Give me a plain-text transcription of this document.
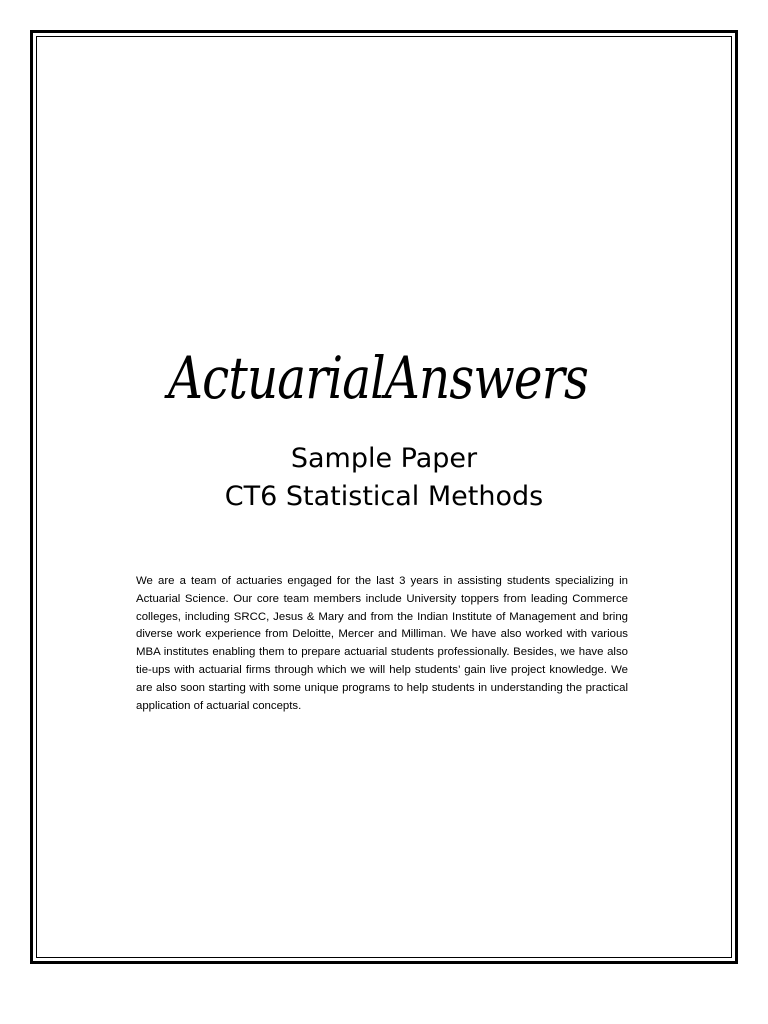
ActuarialAnswers
Sample Paper
CT6 Statistical Methods

We are a team of actuaries engaged for the last 3 years in assisting students specializing in Actuarial Science. Our core team members include University toppers from leading Commerce colleges, including SRCC, Jesus & Mary and from the Indian Institute of Management and bring diverse work experience from Deloitte, Mercer and Milliman. We have also worked with various MBA institutes enabling them to prepare actuarial students professionally. Besides, we have also tie-ups with actuarial firms through which we will help students’ gain live project knowledge. We are also soon starting with some unique programs to help students in understanding the practical application of actuarial concepts.
